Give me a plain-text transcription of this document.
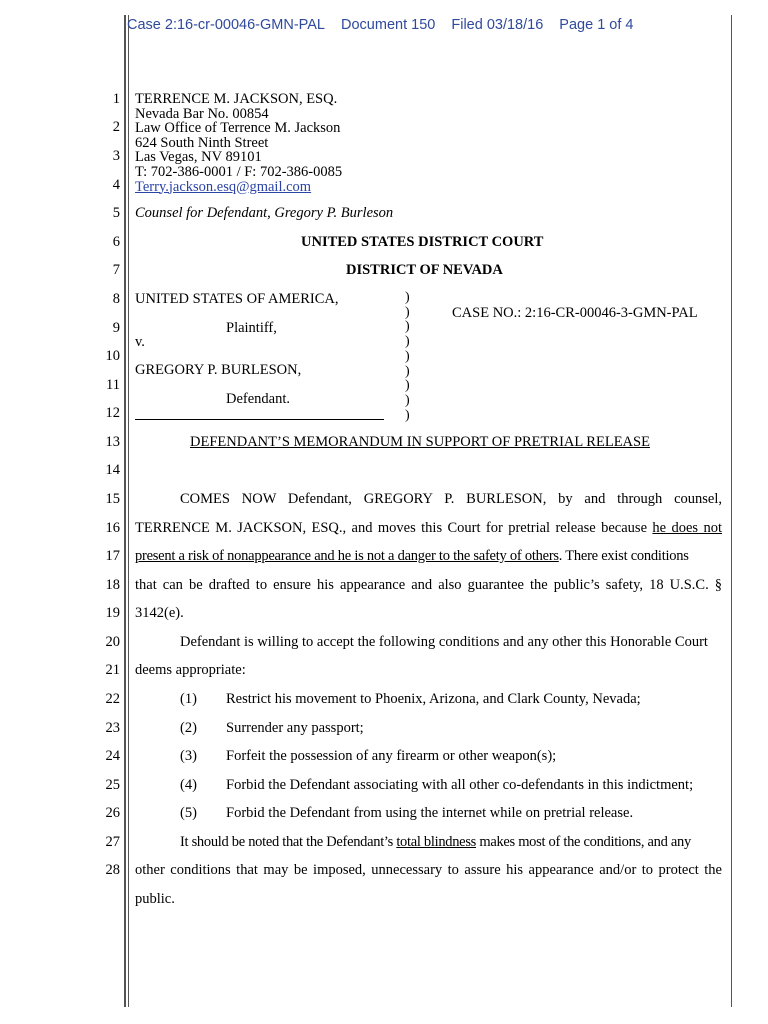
Case 2:16-cr-00046-GMN-PAL Document 150 Filed 03/18/16 Page 1 of 4
1
2
3
4
5
6
7
8
9
10
11
12
13
14
15
16
17
18
19
20
21
22
23
24
25
26
27
28
TERRENCE M. JACKSON, ESQ.
Nevada Bar No. 00854
Law Office of Terrence M. Jackson
624 South Ninth Street
Las Vegas, NV 89101
T: 702-386-0001 / F: 702-386-0085
Terry.jackson.esq@gmail.com
Counsel for Defendant, Gregory P. Burleson
UNITED STATES DISTRICT COURT
DISTRICT OF NEVADA
UNITED STATES OF AMERICA,
Plaintiff,
v.
GREGORY P. BURLESON,
Defendant.
CASE NO.: 2:16-CR-00046-3-GMN-PAL
)
)
)
)
)
)
)
)
)
DEFENDANT’S MEMORANDUM IN SUPPORT OF PRETRIAL RELEASE
COMES NOW Defendant, GREGORY P. BURLESON, by and through counsel,
TERRENCE M. JACKSON, ESQ., and moves this Court for pretrial release because he does not
present a risk of nonappearance and he is not a danger to the safety of others. There exist conditions
that can be drafted to ensure his appearance and also guarantee the public’s safety, 18 U.S.C. §
3142(e).
Defendant is willing to accept the following conditions and any other this Honorable Court
deems appropriate:
(1) Restrict his movement to Phoenix, Arizona, and Clark County, Nevada;
(2) Surrender any passport;
(3) Forfeit the possession of any firearm or other weapon(s);
(4) Forbid the Defendant associating with all other co-defendants in this indictment;
(5) Forbid the Defendant from using the internet while on pretrial release.
It should be noted that the Defendant’s total blindness makes most of the conditions, and any
other conditions that may be imposed, unnecessary to assure his appearance and/or to protect the
public.
